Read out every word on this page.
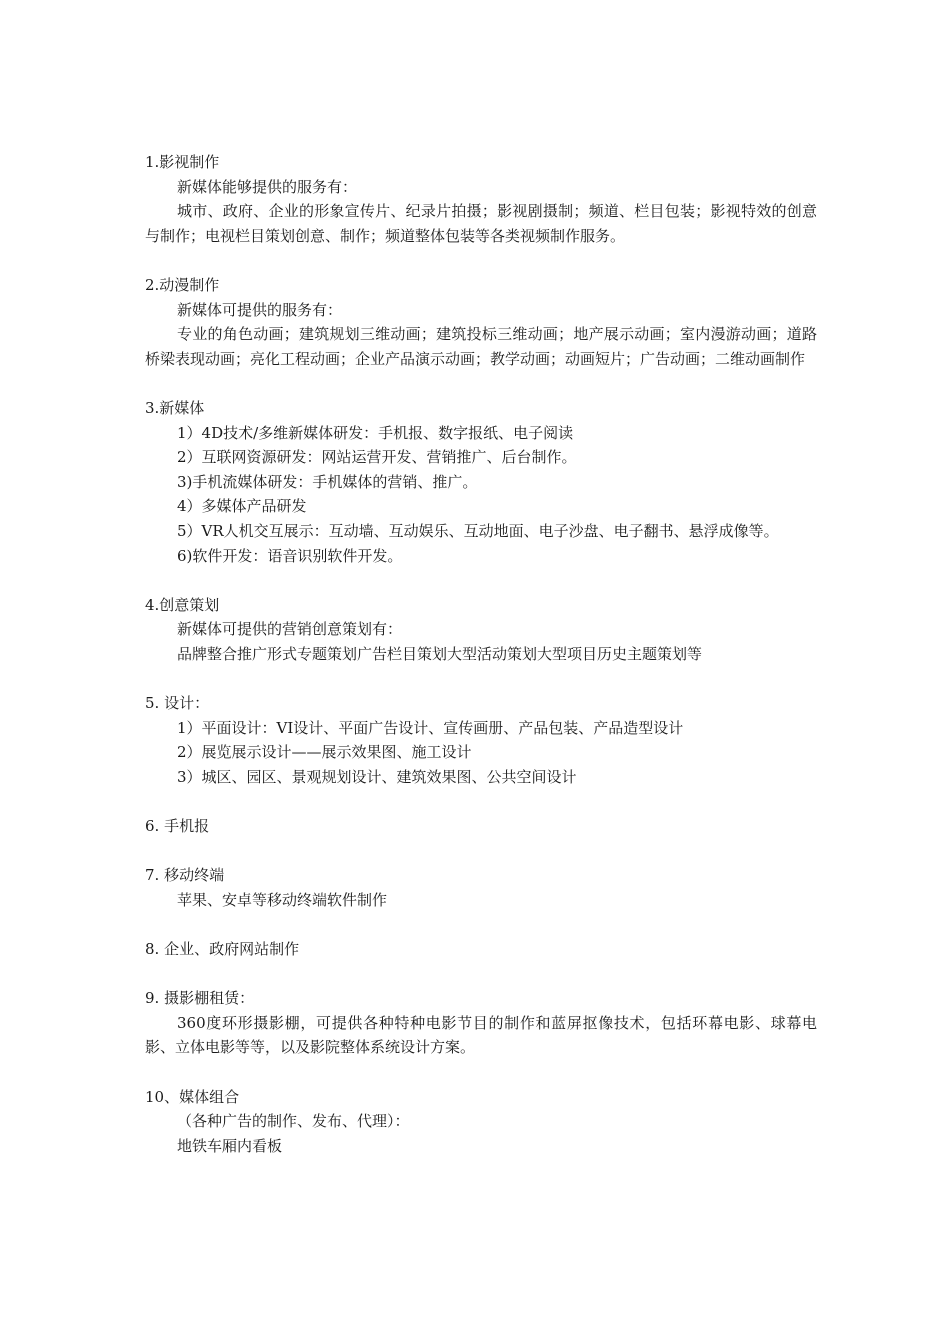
1.影视制作

新媒体能够提供的服务有：

城市、政府、企业的形象宣传片、纪录片拍摄；影视剧摄制；频道、栏目包装；影视特效的创意与制作；电视栏目策划创意、制作；频道整体包装等各类视频制作服务。

2.动漫制作

新媒体可提供的服务有：

专业的角色动画；建筑规划三维动画；建筑投标三维动画；地产展示动画；室内漫游动画；道路桥梁表现动画；亮化工程动画；企业产品演示动画；教学动画；动画短片；广告动画；二维动画制作

3.新媒体

1）4D技术/多维新媒体研发：手机报、数字报纸、电子阅读

2）互联网资源研发：网站运营开发、营销推广、后台制作。

3)手机流媒体研发：手机媒体的营销、推广。

4）多媒体产品研发

5）VR人机交互展示：互动墙、互动娱乐、互动地面、电子沙盘、电子翻书、悬浮成像等。

6)软件开发：语音识别软件开发。

4.创意策划

新媒体可提供的营销创意策划有：

品牌整合推广形式专题策划广告栏目策划大型活动策划大型项目历史主题策划等

5. 设计：

1）平面设计：VI设计、平面广告设计、宣传画册、产品包装、产品造型设计

2）展览展示设计——展示效果图、施工设计

3）城区、园区、景观规划设计、建筑效果图、公共空间设计

6. 手机报

7. 移动终端

苹果、安卓等移动终端软件制作

8. 企业、政府网站制作

9. 摄影棚租赁：

360度环形摄影棚，可提供各种特种电影节目的制作和蓝屏抠像技术，包括环幕电影、球幕电影、立体电影等等，以及影院整体系统设计方案。

10、媒体组合

（各种广告的制作、发布、代理）：

地铁车厢内看板
